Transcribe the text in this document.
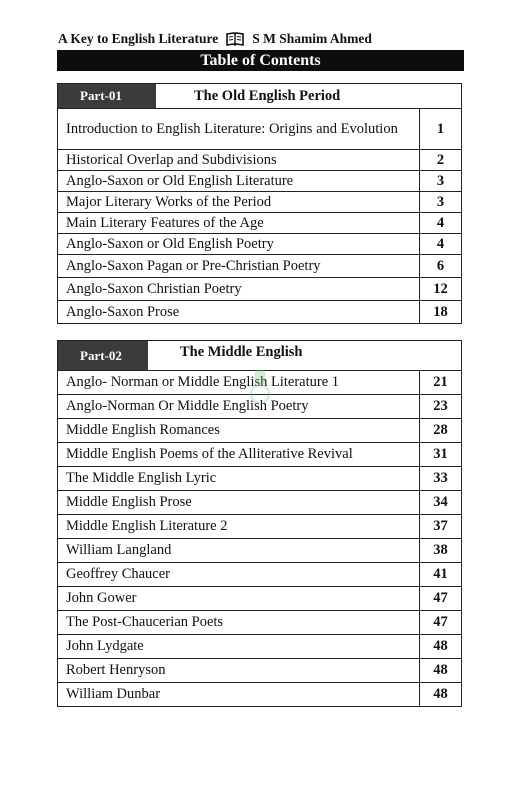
A Key to English Literature	S M Shamim Ahmed
Table of Contents
Part-01	The Old English Period
Introduction to English Literature: Origins and Evolution	1
Historical Overlap and Subdivisions	2
Anglo-Saxon or Old English Literature	3
Major Literary Works of the Period	3
Main Literary Features of the Age	4
Anglo-Saxon or Old English Poetry	4
Anglo-Saxon Pagan or Pre-Christian Poetry	6
Anglo-Saxon Christian Poetry	12
Anglo-Saxon Prose	18
Part-02	The Middle English
Anglo- Norman or Middle English Literature 1	21
Anglo-Norman Or Middle English Poetry	23
Middle English Romances	28
Middle English Poems of the Alliterative Revival	31
The Middle English Lyric	33
Middle English Prose	34
Middle English Literature 2	37
William Langland	38
Geoffrey Chaucer	41
John Gower	47
The Post-Chaucerian Poets	47
John Lydgate	48
Robert Henryson	48
William Dunbar	48
